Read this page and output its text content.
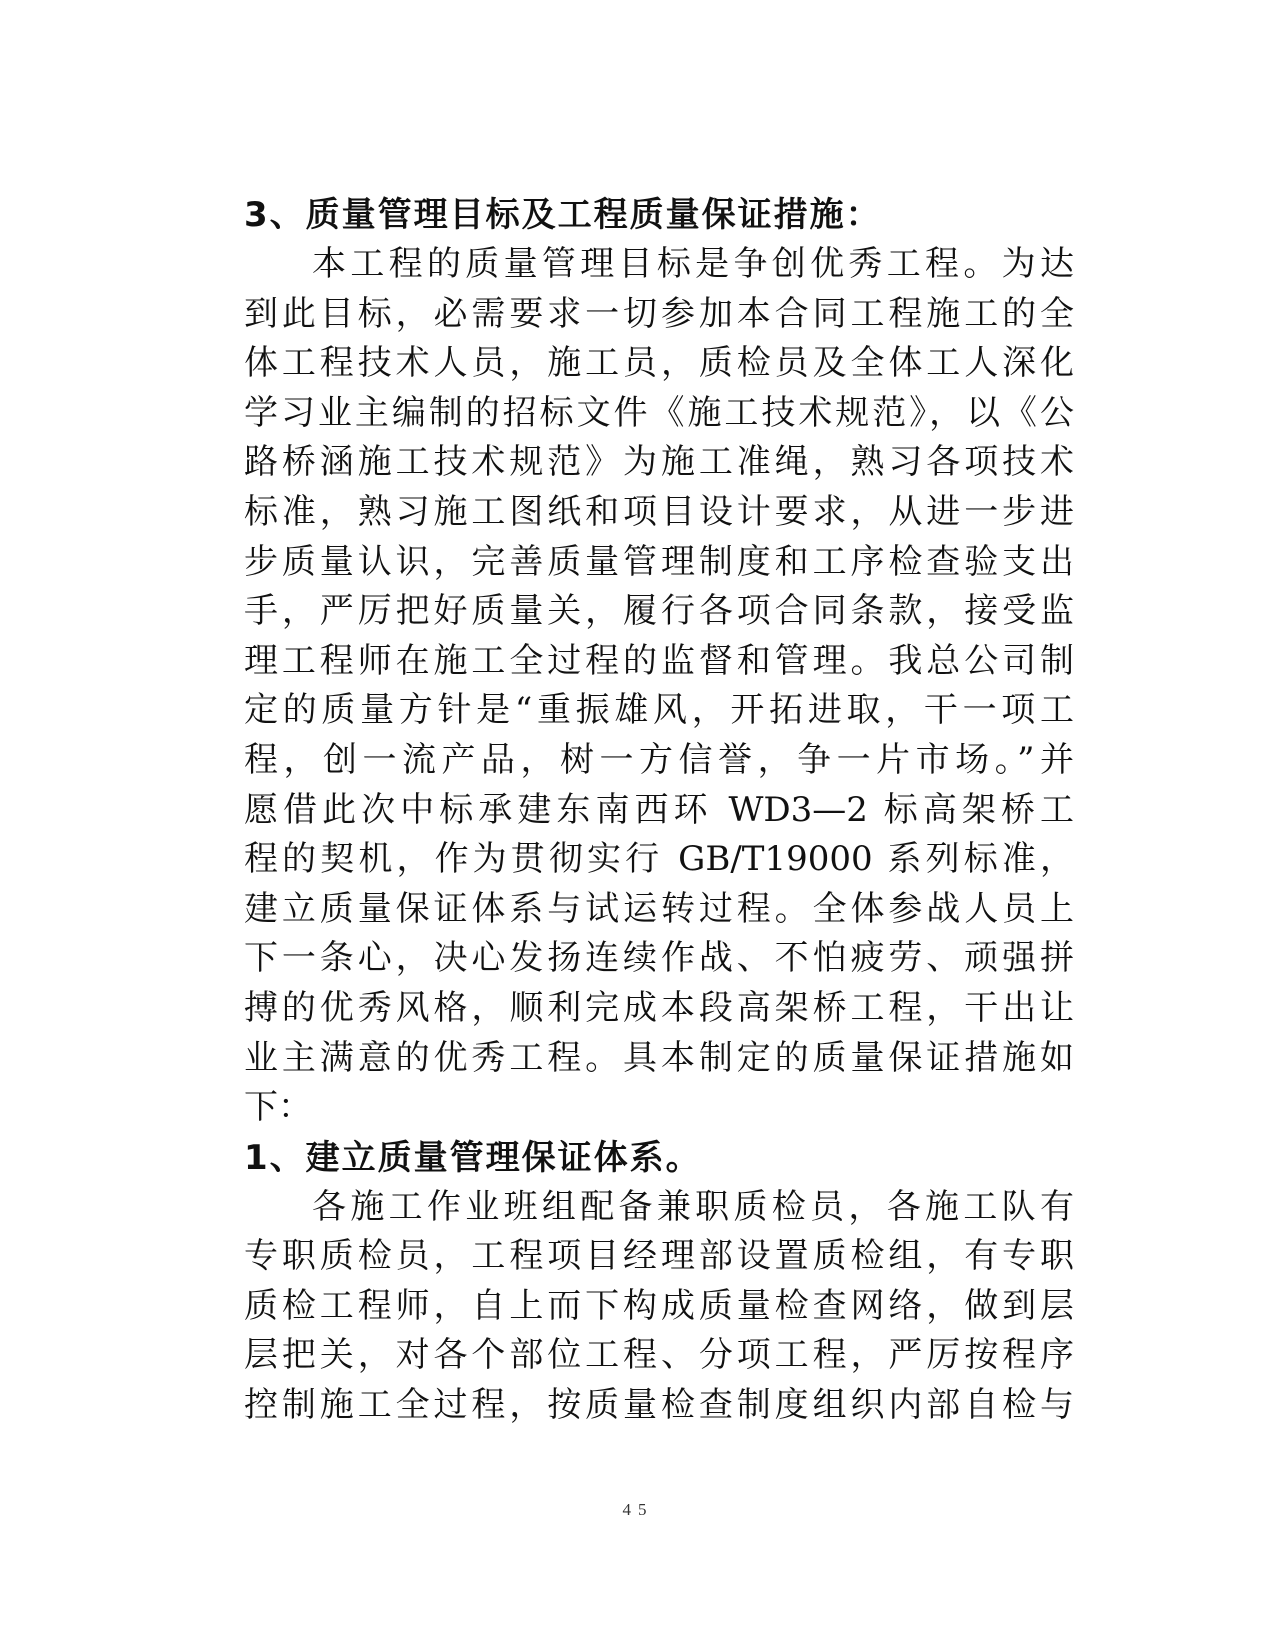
3、质量管理目标及工程质量保证措施：
本工程的质量管理目标是争创优秀工程。为达
到此目标，必需要求一切参加本合同工程施工的全
体工程技术人员，施工员，质检员及全体工人深化
学习业主编制的招标文件《施工技术规范》，以《公
路桥涵施工技术规范》为施工准绳，熟习各项技术
标准，熟习施工图纸和项目设计要求，从进一步进
步质量认识，完善质量管理制度和工序检查验支出
手，严厉把好质量关，履行各项合同条款，接受监
理工程师在施工全过程的监督和管理。我总公司制
定的质量方针是“重振雄风，开拓进取，干一项工
程，创一流产品，树一方信誉，争一片市场。”并
愿借此次中标承建东南西环 WD3—2 标高架桥工
程的契机，作为贯彻实行 GB/T19000 系列标准，
建立质量保证体系与试运转过程。全体参战人员上
下一条心，决心发扬连续作战、不怕疲劳、顽强拼
搏的优秀风格，顺利完成本段高架桥工程，干出让
业主满意的优秀工程。具本制定的质量保证措施如
下：
1、建立质量管理保证体系。
各施工作业班组配备兼职质检员，各施工队有
专职质检员，工程项目经理部设置质检组，有专职
质检工程师，自上而下构成质量检查网络，做到层
层把关，对各个部位工程、分项工程，严厉按程序
控制施工全过程，按质量检查制度组织内部自检与
45
